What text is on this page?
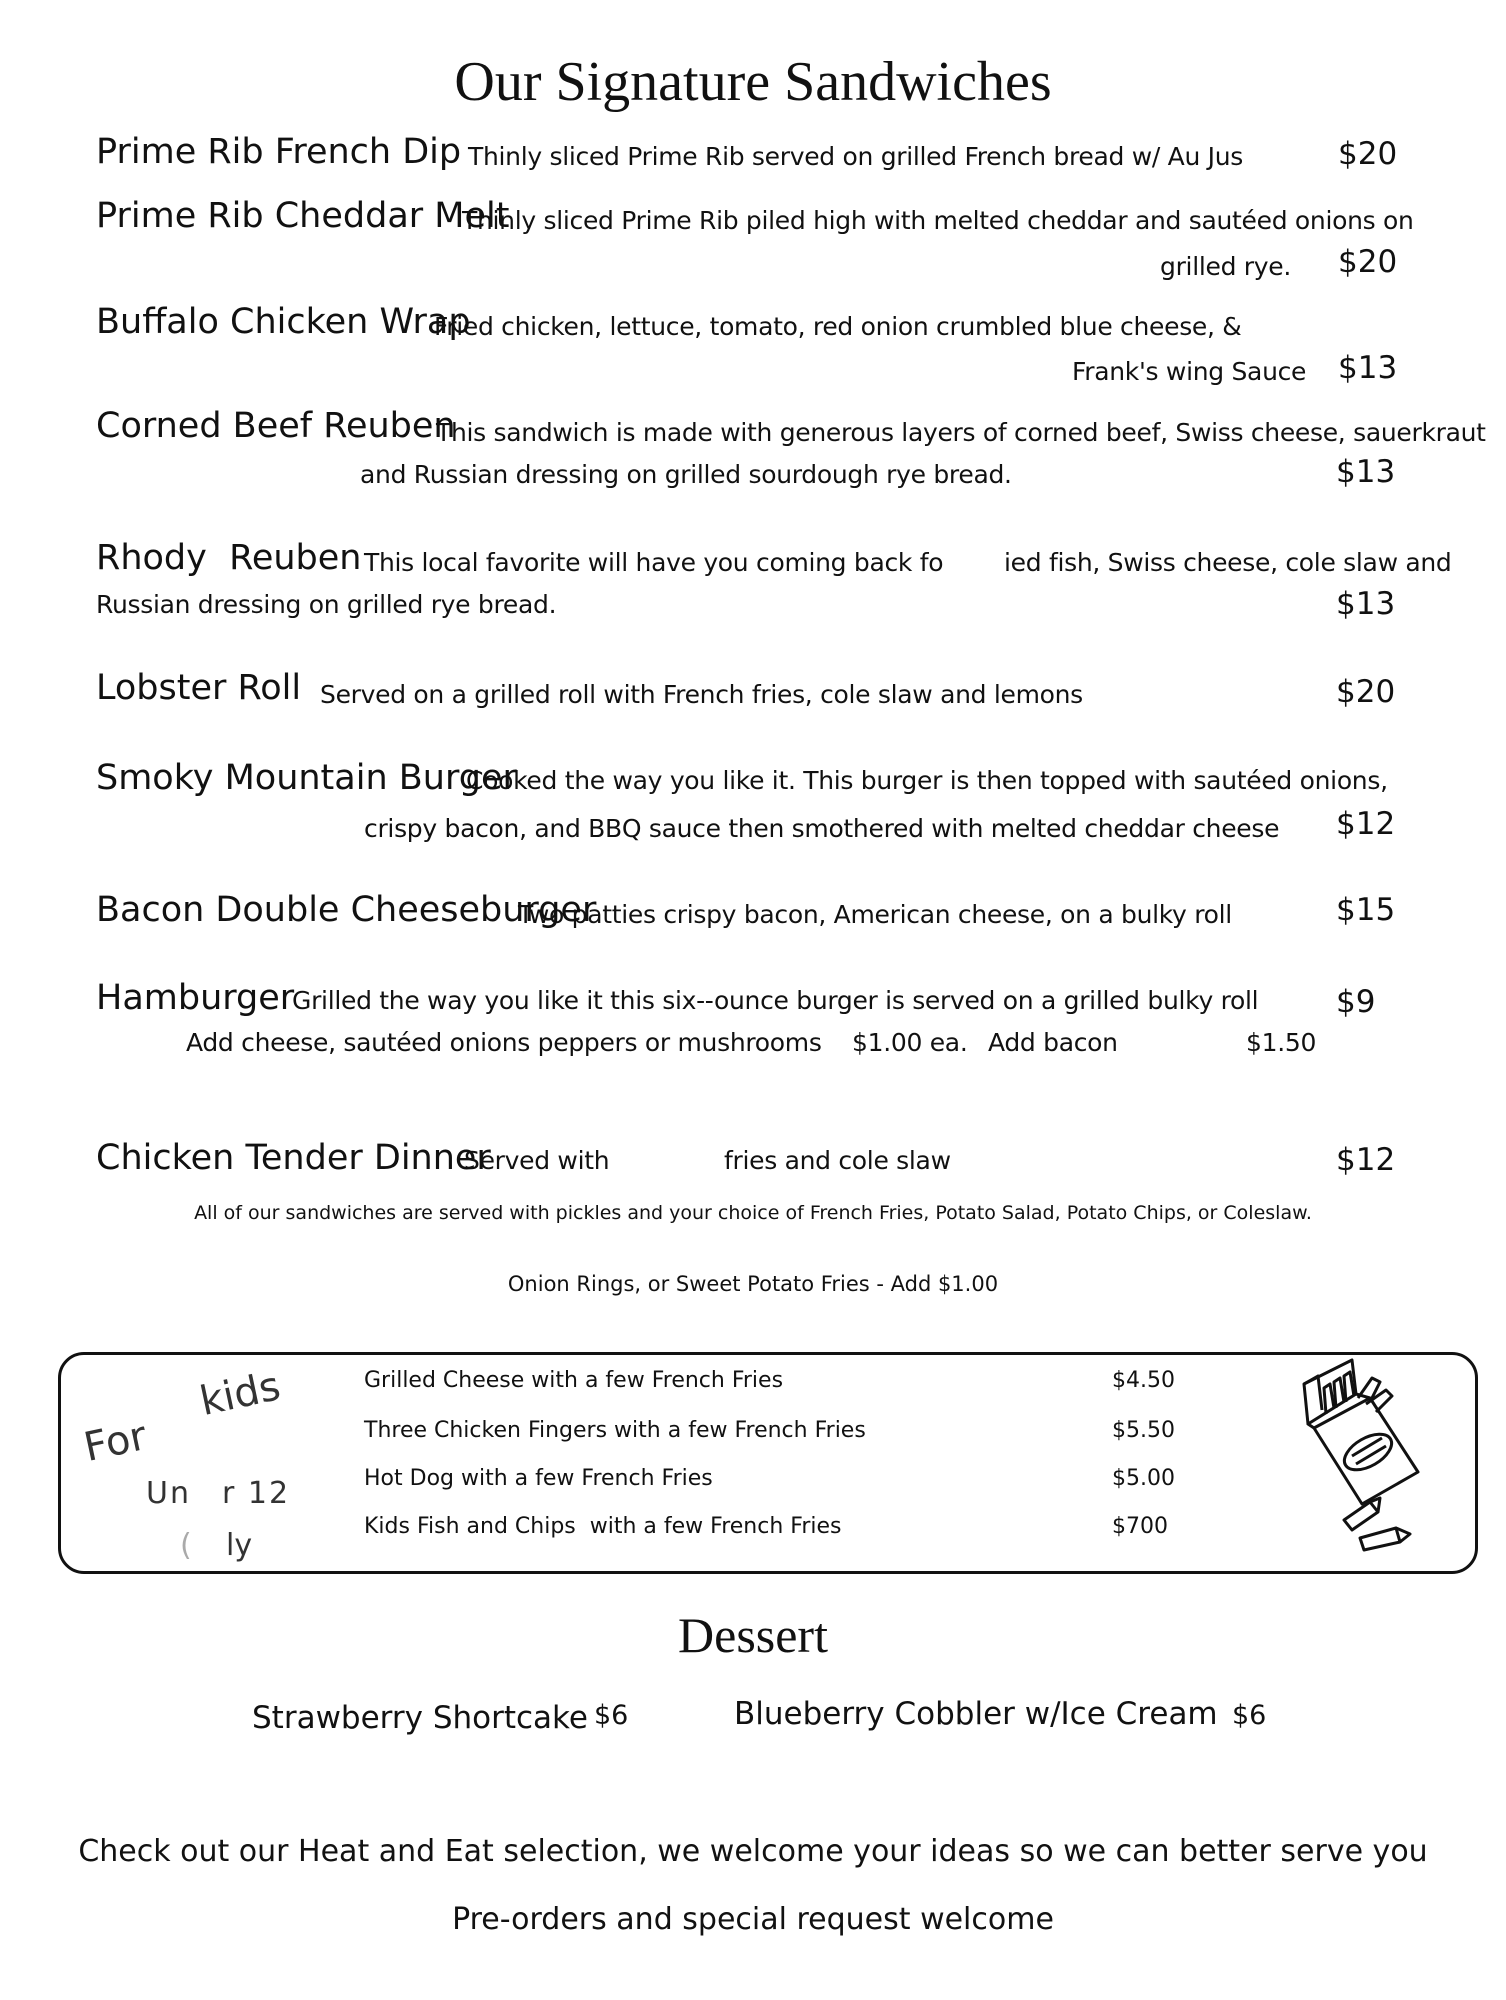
Our Signature Sandwiches
Prime Rib French Dip Thinly sliced Prime Rib served on grilled French bread w/ Au Jus	$20
Prime Rib Cheddar Melt
Thinly sliced Prime Rib piled high with melted cheddar and sautéed onions on
grilled rye. $20
Buffalo Chicken Wrap
Fried chicken, lettuce, tomato, red onion crumbled blue cheese, &
Frank's wing Sauce $13
Corned Beef Reuben
This sandwich is made with generous layers of corned beef, Swiss cheese, sauerkraut
and Russian dressing on grilled sourdough rye bread.	$13
Rhody  Reuben This local favorite will have you coming back fo ied fish, Swiss cheese, cole slaw and
Russian dressing on grilled rye bread.	$13
Lobster Roll Served on a grilled roll with French fries, cole slaw and lemons	$20
Smoky Mountain Burger
Cooked the way you like it. This burger is then topped with sautéed onions,
crispy bacon, and BBQ sauce then smothered with melted cheddar cheese $12
Bacon Double Cheeseburger
Two patties crispy bacon, American cheese, on a bulky roll	$15
Hamburger
Grilled the way you like it this six--ounce burger is served on a grilled bulky roll	$9
Add cheese, sautéed onions peppers or mushrooms $1.00 ea. Add bacon	$1.50
Chicken Tender Dinner
Served with	fries and cole slaw	$12
All of our sandwiches are served with pickles and your choice of French Fries, Potato Salad, Potato Chips, or Coleslaw.
Onion Rings, or Sweet Potato Fries - Add $1.00
For
kids
Un r 12
( ly
Grilled Cheese with a few French Fries	$4.50
Three Chicken Fingers with a few French Fries	$5.50
Hot Dog with a few French Fries	$5.00
Kids Fish and Chips  with a few French Fries	$700
Dessert
Strawberry Shortcake $6	Blueberry Cobbler w/Ice Cream $6
Check out our Heat and Eat selection, we welcome your ideas so we can better serve you
Pre-orders and special request welcome
